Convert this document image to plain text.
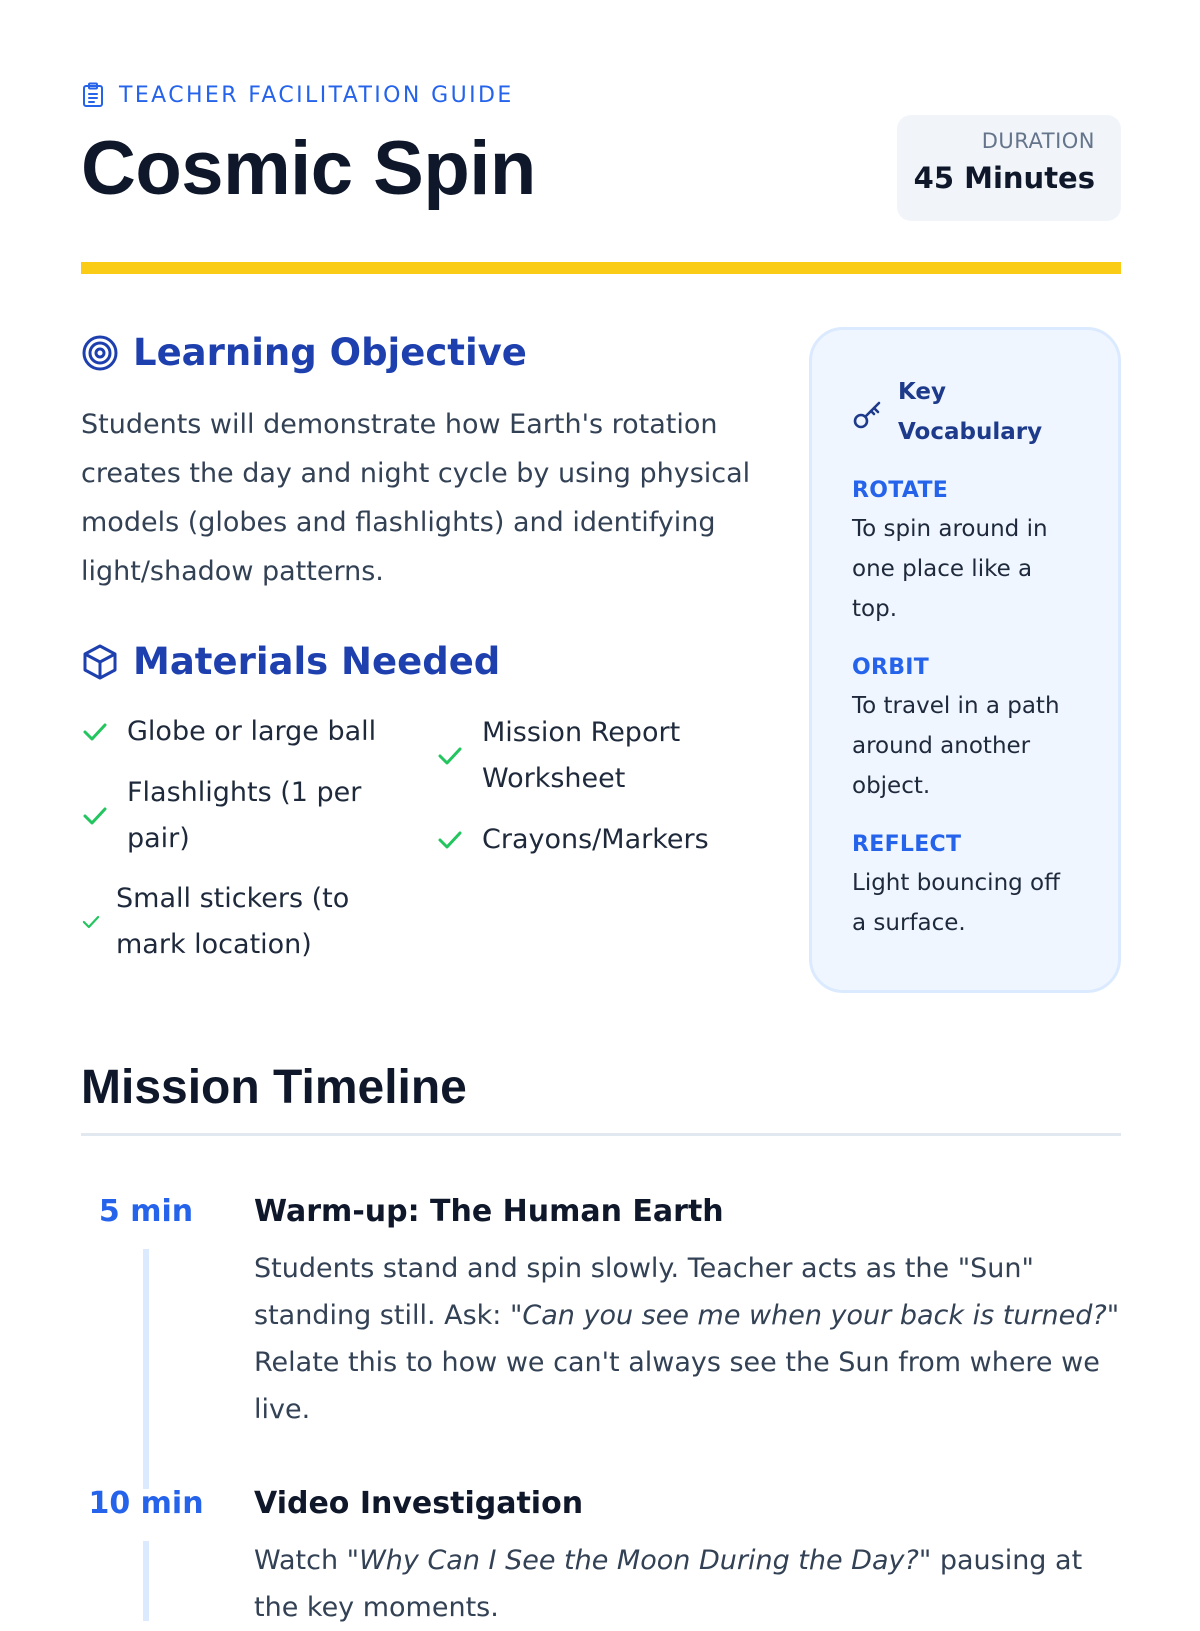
TEACHER FACILITATION GUIDE
Cosmic Spin	DURATION
45 Minutes
Learning Objective

Students will demonstrate how Earth's rotation creates the day and night cycle by using physical models (globes and flashlights) and identifying light/shadow patterns.

Materials Needed
Globe or large ball
Flashlights (1 per pair)
Small stickers (to mark location)
Mission Report Worksheet
Crayons/Markers
Key Vocabulary
ROTATE
To spin around in one place like a top.
ORBIT
To travel in a path around another object.
REFLECT
Light bouncing off a surface.
Mission Timeline
5 min	Warm-up: The Human Earth
Students stand and spin slowly. Teacher acts as the "Sun" standing still. Ask: "Can you see me when your back is turned?" Relate this to how we can't always see the Sun from where we live.
10 min	Video Investigation
Watch "Why Can I See the Moon During the Day?" pausing at the key moments.
